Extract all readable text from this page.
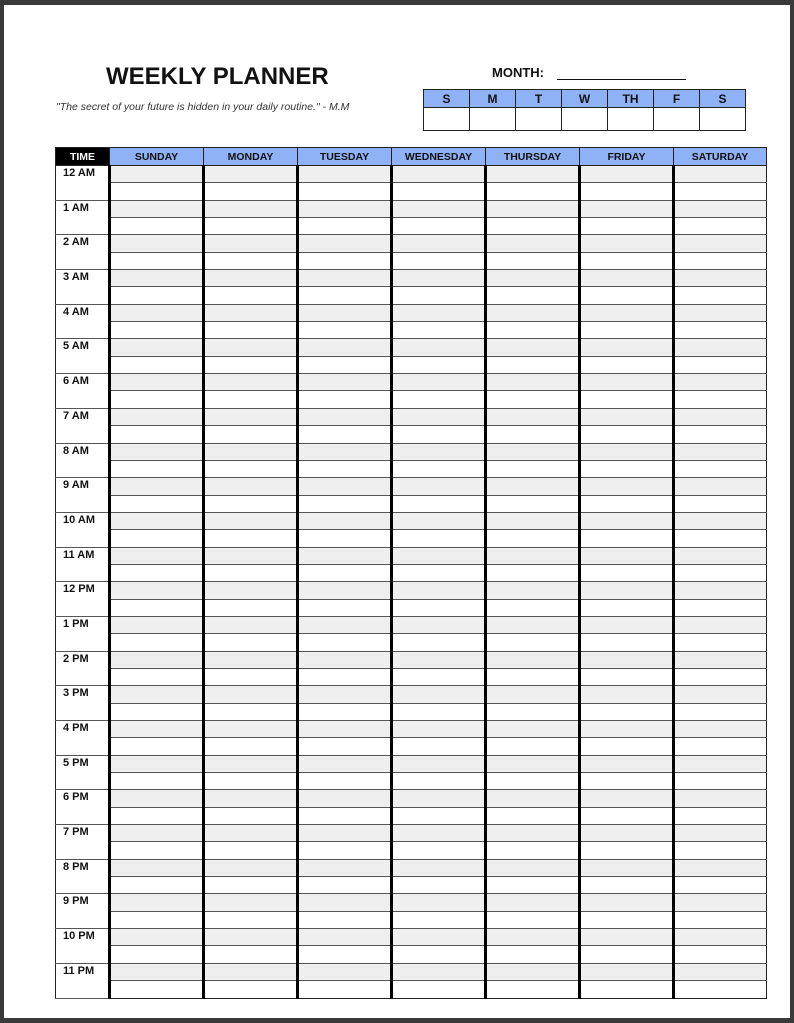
WEEKLY PLANNER
"The secret of your future is hidden in your daily routine." - M.M
MONTH:
S	M	T	W	TH	F	S

TIME	SUNDAY	MONDAY	TUESDAY	WEDNESDAY	THURSDAY	FRIDAY	SATURDAY
12 AM							

1 AM							

2 AM							

3 AM							

4 AM							

5 AM							

6 AM							

7 AM							

8 AM							

9 AM							

10 AM							

11 AM							

12 PM							

1 PM							

2 PM							

3 PM							

4 PM							

5 PM							

6 PM							

7 PM							

8 PM							

9 PM							

10 PM							

11 PM							
